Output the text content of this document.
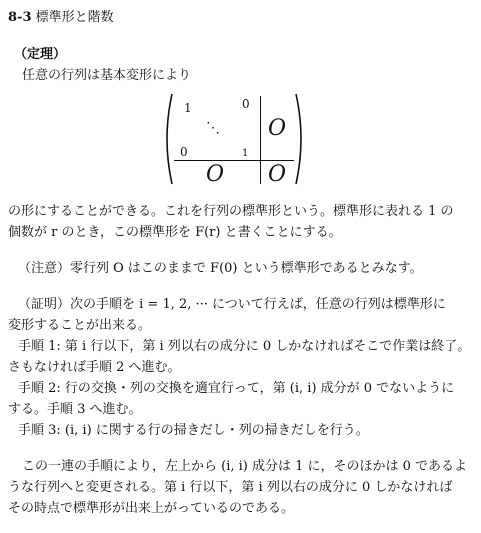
8-3 標準形と階数
（定理）
任意の行列は基本変形により
1	0
⋱
0	1
O
O O
の形にすることができる。これを行列の標準形という。標準形に表れる 1 の
個数が r のとき，この標準形を F(r) と書くことにする。
（注意）零行列 O はこのままで F(0) という標準形であるとみなす。
（証明）次の手順を i = 1, 2, ··· について行えば，任意の行列は標準形に
変形することが出来る。
手順 1: 第 i 行以下，第 i 列以右の成分に 0 しかなければそこで作業は終了。
さもなければ手順 2 へ進む。
手順 2: 行の交換・列の交換を適宜行って，第 (i, i) 成分が 0 でないように
する。手順 3 へ進む。
手順 3: (i, i) に関する行の掃きだし・列の掃きだしを行う。
この一連の手順により，左上から (i, i) 成分は 1 に，そのほかは 0 であるよ
うな行列へと変更される。第 i 行以下，第 i 列以右の成分に 0 しかなければ
その時点で標準形が出来上がっているのである。
